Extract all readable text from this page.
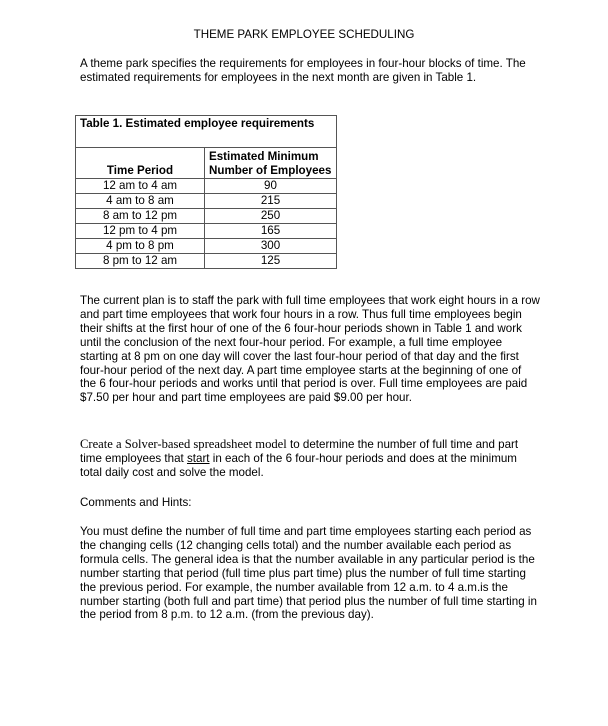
THEME PARK EMPLOYEE SCHEDULING

A theme park specifies the requirements for employees in four-hour blocks of time. The estimated requirements for employees in the next month are given in Table 1.

Table 1. Estimated employee requirements	
Time Period	Estimated Minimum Number of Employees
12 am to 4 am	90
4 am to 8 am	215
8 am to 12 pm	250
12 pm to 4 pm	165
4 pm to 8 pm	300
8 pm to 12 am	125

The current plan is to staff the park with full time employees that work eight hours in a row and part time employees that work four hours in a row. Thus full time employees begin their shifts at the first hour of one of the 6 four-hour periods shown in Table 1 and work until the conclusion of the next four-hour period. For example, a full time employee starting at 8 pm on one day will cover the last four-hour period of that day and the first four-hour period of the next day. A part time employee starts at the beginning of one of the 6 four-hour periods and works until that period is over. Full time employees are paid $7.50 per hour and part time employees are paid $9.00 per hour.

Create a Solver-based spreadsheet model to determine the number of full time and part time employees that start in each of the 6 four-hour periods and does at the minimum total daily cost and solve the model.

Comments and Hints:

You must define the number of full time and part time employees starting each period as the changing cells (12 changing cells total) and the number available each period as formula cells. The general idea is that the number available in any particular period is the number starting that period (full time plus part time) plus the number of full time starting the previous period. For example, the number available from 12 a.m. to 4 a.m.is the number starting (both full and part time) that period plus the number of full time starting in the period from 8 p.m. to 12 a.m. (from the previous day).
